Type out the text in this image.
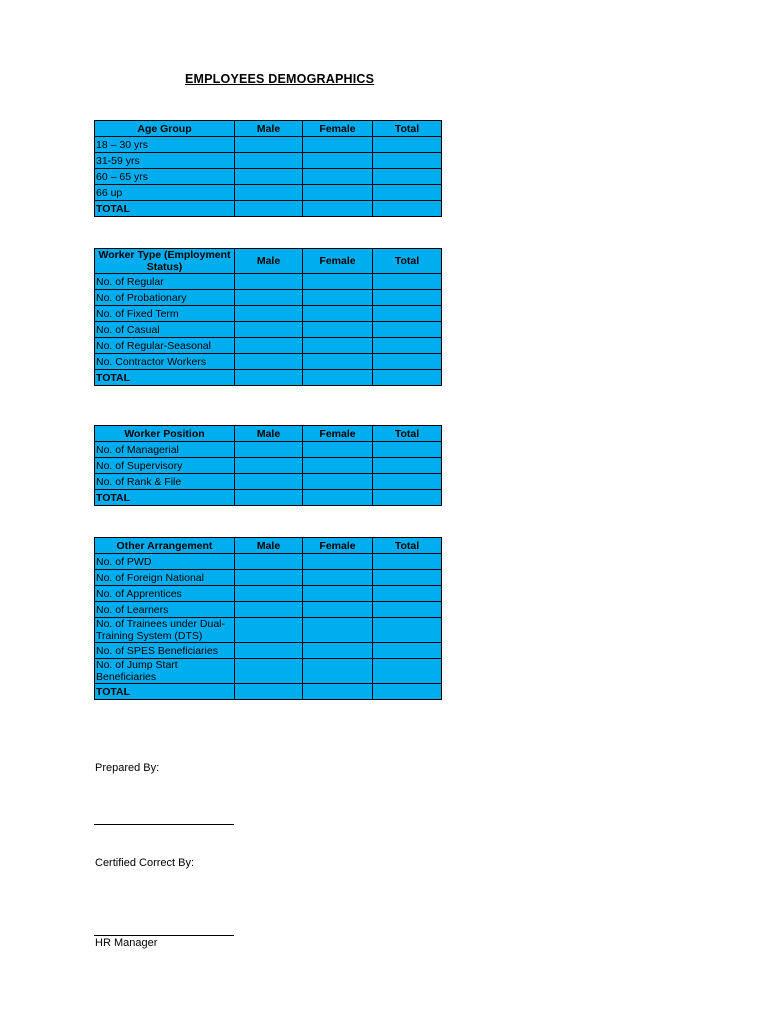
EMPLOYEES DEMOGRAPHICS
Age Group	Male	Female	Total
18 – 30 yrs			
31-59 yrs			
60 – 65 yrs			
66 up			
TOTAL			
Worker Type (Employment Status)	Male	Female	Total
No. of Regular			
No. of Probationary			
No. of Fixed Term			
No. of Casual			
No. of Regular-Seasonal			
No. Contractor Workers			
TOTAL			
Worker Position	Male	Female	Total
No. of Managerial			
No. of Supervisory			
No. of Rank & File			
TOTAL			
Other Arrangement	Male	Female	Total
No. of PWD			
No. of Foreign National			
No. of Apprentices			
No. of Learners			
No. of Trainees under Dual-Training System (DTS)			
No. of SPES Beneficiaries			
No. of Jump Start Beneficiaries			
TOTAL			
Prepared By:
Certified Correct By:
HR Manager
